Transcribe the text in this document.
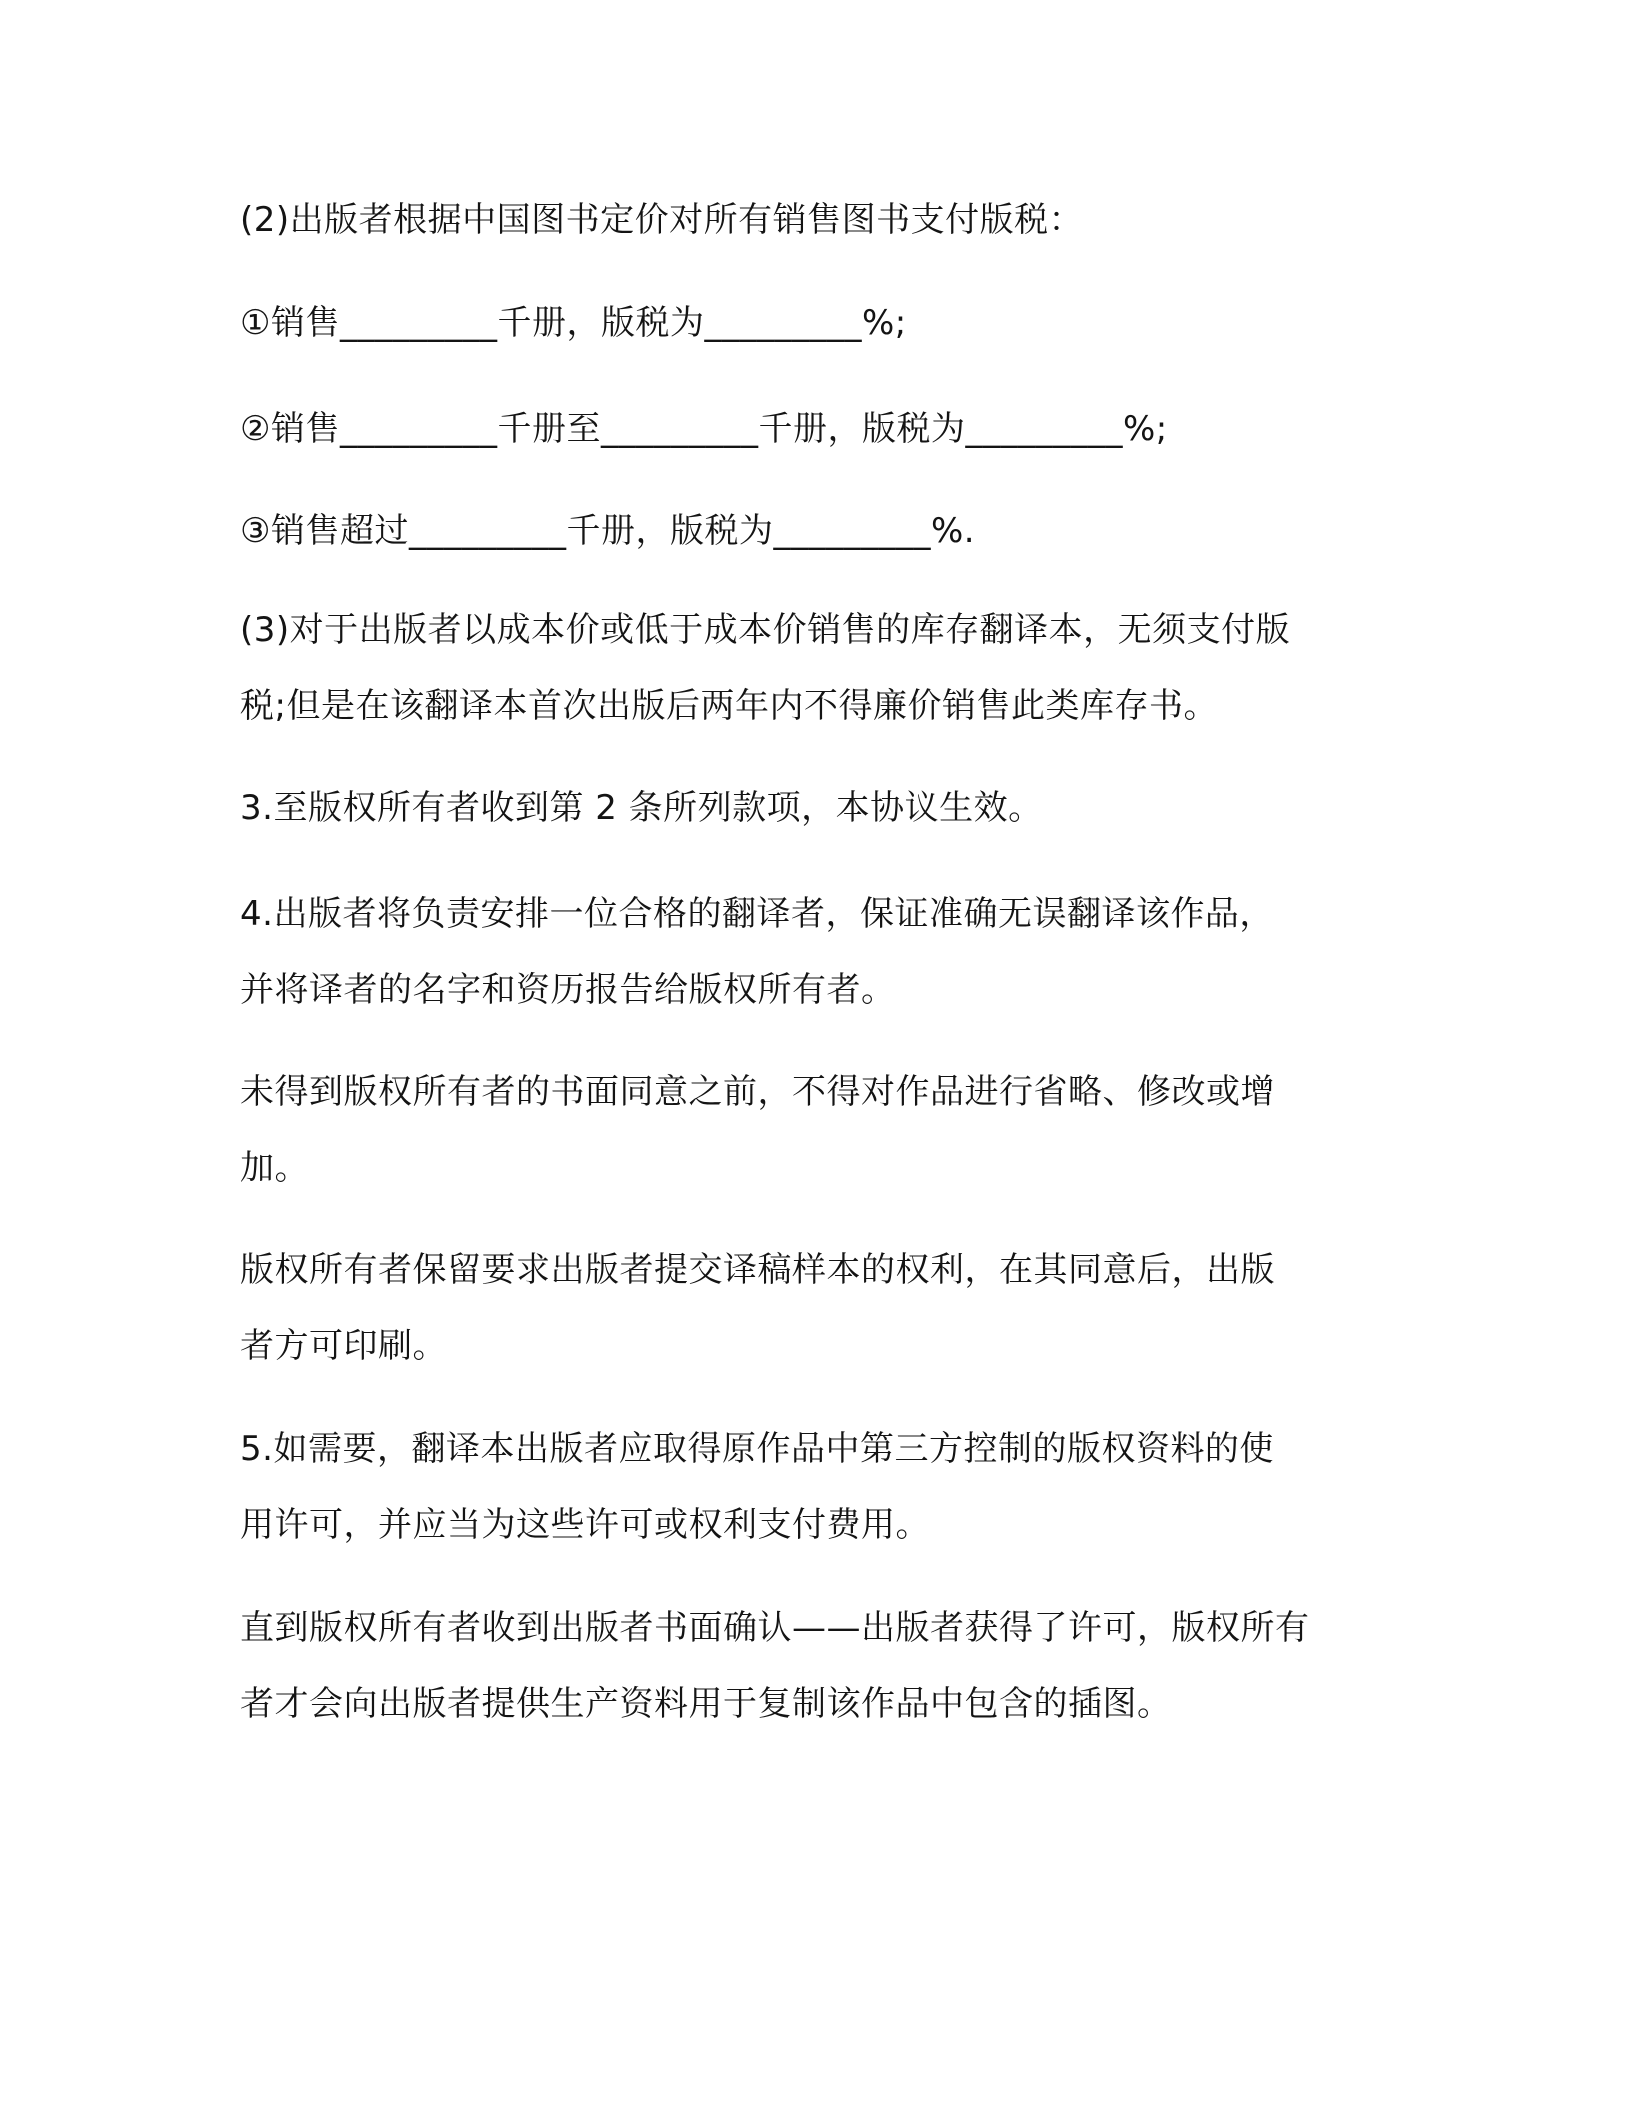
(2)出版者根据中国图书定价对所有销售图书支付版税：
①销售_________千册，版税为_________%;
②销售_________千册至_________千册，版税为_________%;
③销售超过_________千册，版税为_________%.
(3)对于出版者以成本价或低于成本价销售的库存翻译本，无须支付版
税;但是在该翻译本首次出版后两年内不得廉价销售此类库存书。
3.至版权所有者收到第 2 条所列款项，本协议生效。
4.出版者将负责安排一位合格的翻译者，保证准确无误翻译该作品，
并将译者的名字和资历报告给版权所有者。
未得到版权所有者的书面同意之前，不得对作品进行省略、修改或增
加。
版权所有者保留要求出版者提交译稿样本的权利，在其同意后，出版
者方可印刷。
5.如需要，翻译本出版者应取得原作品中第三方控制的版权资料的使
用许可，并应当为这些许可或权利支付费用。
直到版权所有者收到出版者书面确认——出版者获得了许可，版权所有
者才会向出版者提供生产资料用于复制该作品中包含的插图。
